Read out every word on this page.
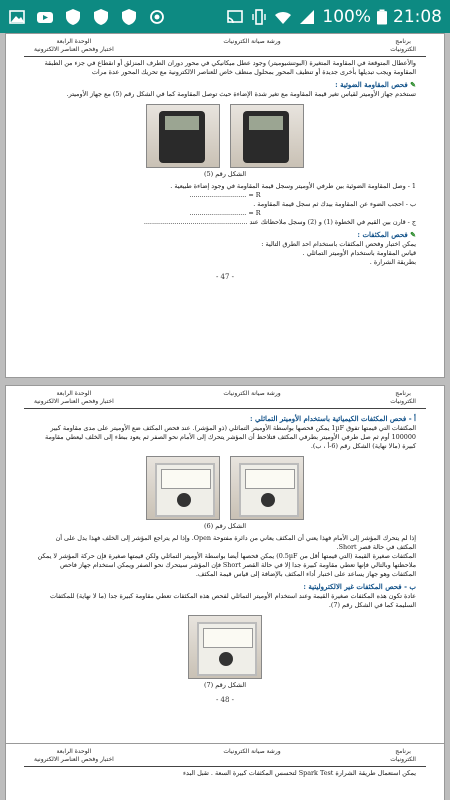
100% 21:08
الوحدة الرابعة
اختبار وفحص العناصر الالكترونية
ورشة صيانة الكترونيات	برنامج
الكترونيات
والأعطال المتوقعة في المقاومة المتغيرة (البوتنشيوميتر) وجود عطل ميكانيكي في محور دوران الطرف المنزلق أو انقطاع في جزء من الطبقة المقاومة ويجب تبديلها بأخرى جديدة أو تنظيف المحور بمحلول منظف خاص للعناصر الالكترونية مع تحريك المحور عدة مرات
✎ فحص المقاومة الضوئية :
تستخدم جهاز الأوميتر لقياس تغير قيمة المقاومة مع تغير شدة الإضاءة حيث توصل المقاومة كما في الشكل رقم (5) مع جهاز الأوميتر.
الشكل رقم (5)
1 - وصل المقاومة الضوئية بين طرفي الأوميتر وسجل قيمة المقاومة في وجود إضاءة طبيعية .
R = ............................
ب - احجب الضوء عن المقاومة بيدك ثم سجل قيمة المقاومة .
R = ............................
ج - قارن بين القيم في الخطوة (1) و (2) وسجل ملاحظاتك عند ...................................................
✎ فحص المكثفات :
يمكن اختبار وفحص المكثفات باستخدام احد الطرق التالية :
قياس المقاومة باستخدام الأوميتر التماثلي .
بطريقة الشرارة .
- 47 -
الوحدة الرابعة
اختبار وفحص العناصر الالكترونية
ورشة صيانة الكترونيات	برنامج
الكترونيات
أ - فحص المكثفات الكيميائية باستخدام الأوميتر التماثلي :
المكثفات التي قيمتها تفوق 1µF يمكن فحصها بواسطة الأوميتر التماثلي (ذو المؤشر). عند فحص المكثف ضع الأوميتر على مدى مقاومة كبير 100000 أوم ثم صل طرفي الأوميتر بطرفي المكثف فتلاحظ أن المؤشر يتحرك إلى الأمام نحو الصفر ثم يعود ببطء إلى الخلف ليعطي مقاومة كبيرة (مالا نهاية) الشكل رقم (6-أ ، ب).
الشكل رقم (6)
إذا لم يتحرك المؤشر إلى الأمام فهذا يعني أن المكثف يعاني من دائرة مفتوحة Open. وإذا لم يتراجع المؤشر إلى الخلف فهذا يدل على أن المكثف في حالة قصر Short.
المكثفات صغيرة القيمة (التي قيمتها أقل من 0.5µF) يمكن فحصها أيضا بواسطة الأوميتر التماثلي ولكن قيمتها صغيرة فإن حركة المؤشر لا يمكن ملاحظتها وبالتالي فإنها تعطي مقاومة كبيرة جدا إلا في حالة القصر Short فإن المؤشر سيتحرك نحو الصفر ويمكن استخدام جهاز فاحص المكثفات وهو جهاز يساعد على اختبار أداء المكثف بالإضافة إلى قياس قيمة المكثف.
ب - فحص المكثفات غير الالكتروليتية :
عادة تكون هذه المكثفات صغيرة القيمة وعند استخدام الأوميتر التماثلي لفحص هذه المكثفات تعطي مقاومة كبيرة جدا (ما لا نهاية) للمكثفات السليمة كما في الشكل رقم (7).
الشكل رقم (7)
- 48 -
الوحدة الرابعة
اختبار وفحص العناصر الالكترونية
ورشة صيانة الكترونيات	برنامج
الكترونيات
يمكن استعمال طريقة الشرارة Spark Test لتحسس المكثفات كبيرة السعة . تقبل البدء
